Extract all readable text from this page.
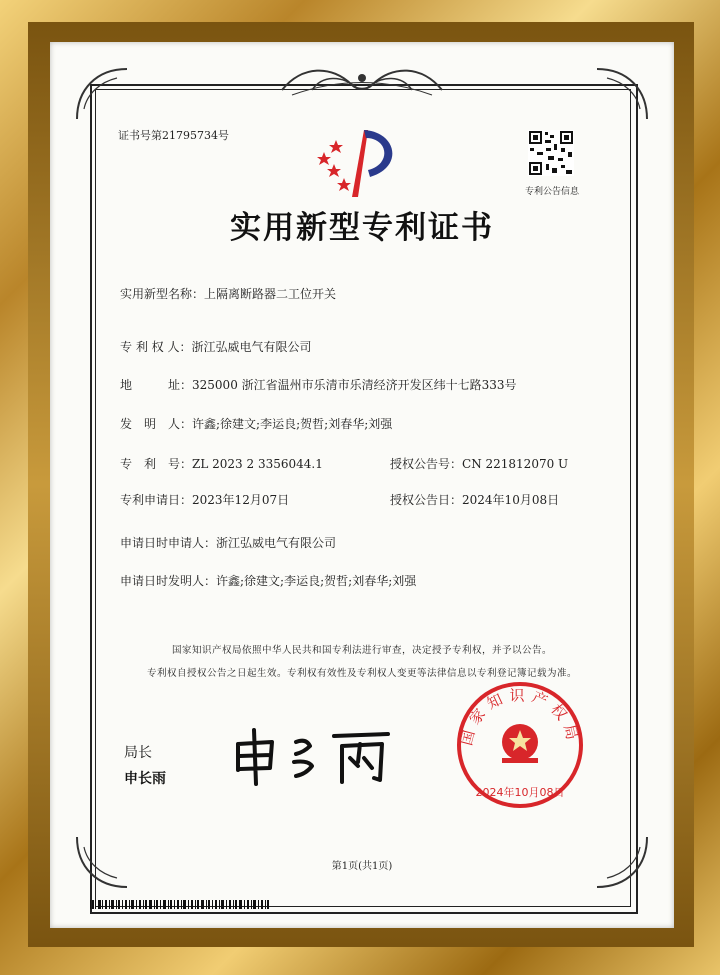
证书号第21795734号
专利公告信息
实用新型专利证书
实用新型名称：上隔离断路器二工位开关
专 利 权 人：浙江弘威电气有限公司
地　　　址：325000 浙江省温州市乐清市乐清经济开发区纬十七路333号
发　明　人：许鑫;徐建文;李运良;贺哲;刘春华;刘强
专　利　号：ZL 2023 2 3356044.1	授权公告号：CN 221812070 U
专利申请日：2023年12月07日	授权公告日：2024年10月08日
申请日时申请人：浙江弘威电气有限公司
申请日时发明人：许鑫;徐建文;李运良;贺哲;刘春华;刘强
国家知识产权局依照中华人民共和国专利法进行审查，决定授予专利权，并予以公告。
专利权自授权公告之日起生效。专利权有效性及专利权人变更等法律信息以专利登记簿记载为准。
局长
申长雨
国家知识产权局
2024年10月08日
第1页(共1页)
